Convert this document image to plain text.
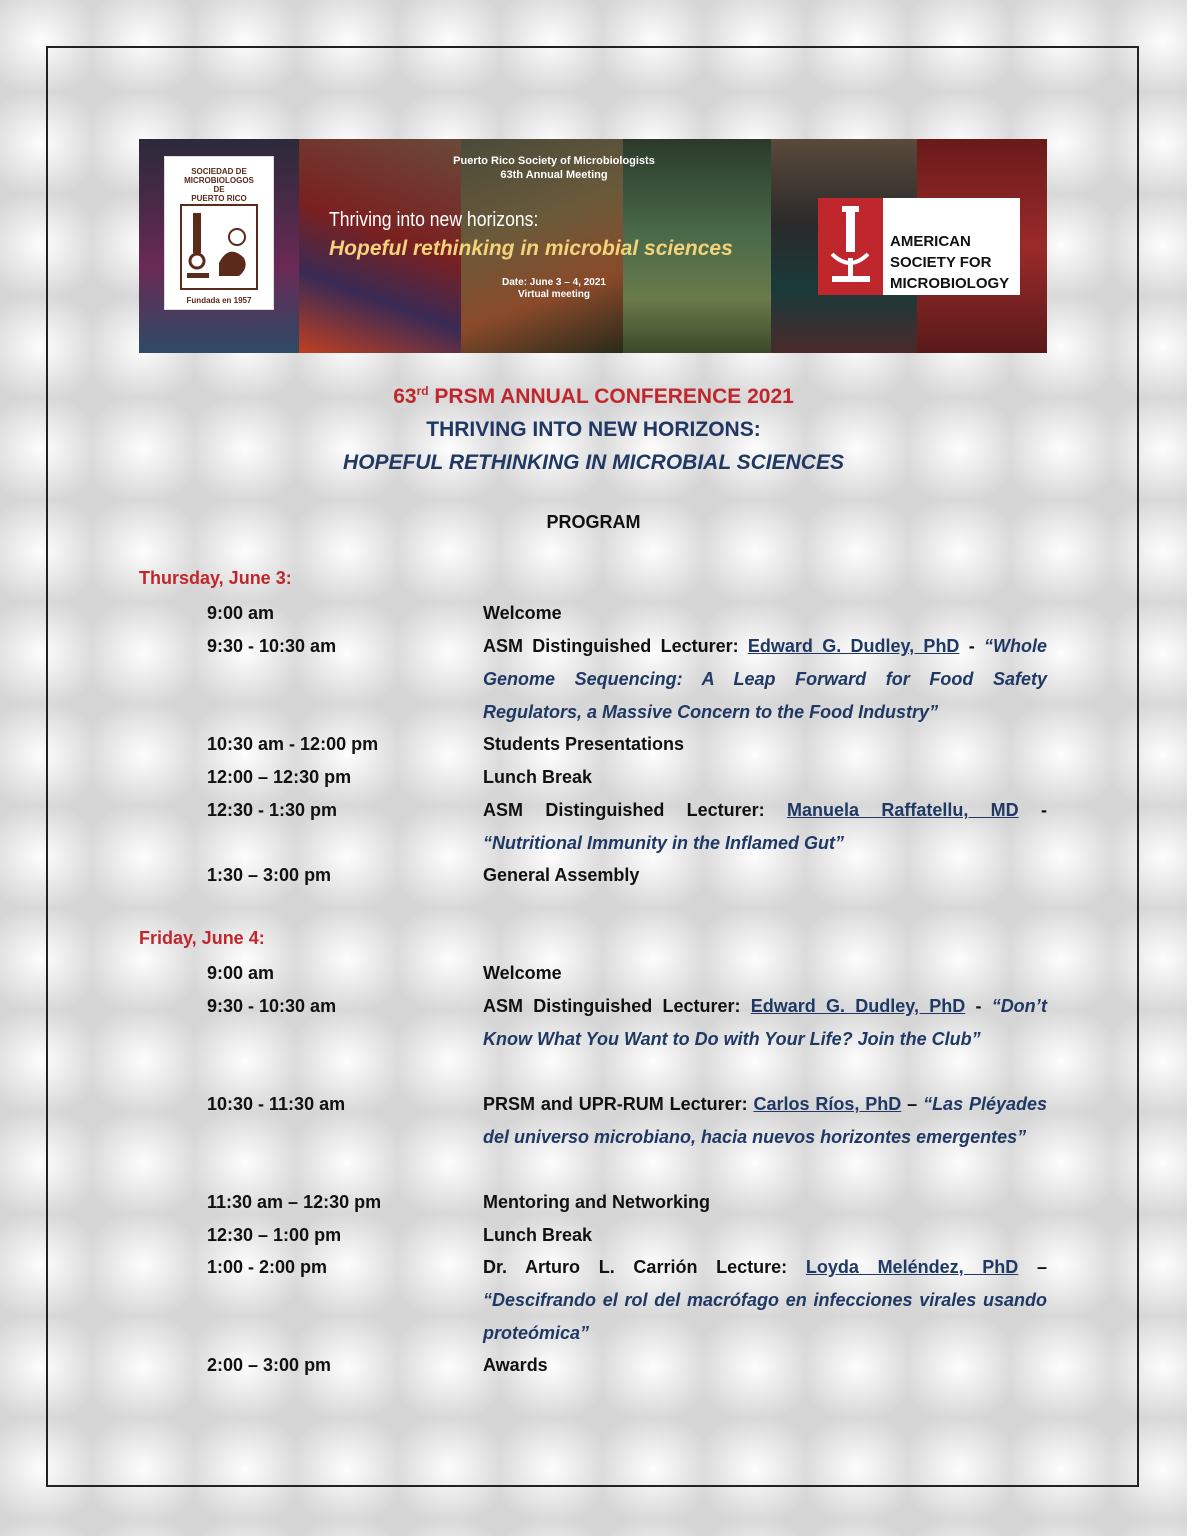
SOCIEDAD DE
MICROBIOLOGOS
DE
PUERTO RICO
Fundada en 1957
Puerto Rico Society of Microbiologists
63th Annual Meeting
Thriving into new horizons:
Hopeful rethinking in microbial sciences
Date: June 3 – 4, 2021
Virtual meeting
AMERICAN
SOCIETY FOR
MICROBIOLOGY
63rd PRSM ANNUAL CONFERENCE 2021
THRIVING INTO NEW HORIZONS:
HOPEFUL RETHINKING IN MICROBIAL SCIENCES
PROGRAM
Thursday, June 3:
9:00 am	Welcome
9:30 - 10:30 am	ASM Distinguished Lecturer: Edward G. Dudley, PhD - “Whole Genome Sequencing: A Leap Forward for Food Safety Regulators, a Massive Concern to the Food Industry”
10:30 am - 12:00 pm	Students Presentations
12:00 – 12:30 pm	Lunch Break
12:30 - 1:30 pm	ASM Distinguished Lecturer: Manuela Raffatellu, MD - “Nutritional Immunity in the Inflamed Gut”
1:30 – 3:00 pm	General Assembly
Friday, June 4:
9:00 am	Welcome
9:30 - 10:30 am	ASM Distinguished Lecturer: Edward G. Dudley, PhD - “Don’t Know What You Want to Do with Your Life? Join the Club”
10:30 - 11:30 am	PRSM and UPR-RUM Lecturer: Carlos Ríos, PhD – “Las Pléyades del universo microbiano, hacia nuevos horizontes emergentes”
11:30 am – 12:30 pm	Mentoring and Networking
12:30 – 1:00 pm	Lunch Break
1:00 - 2:00 pm	Dr. Arturo L. Carrión Lecture: Loyda Meléndez, PhD – “Descifrando el rol del macrófago en infecciones virales usando proteómica”
2:00 – 3:00 pm	Awards
